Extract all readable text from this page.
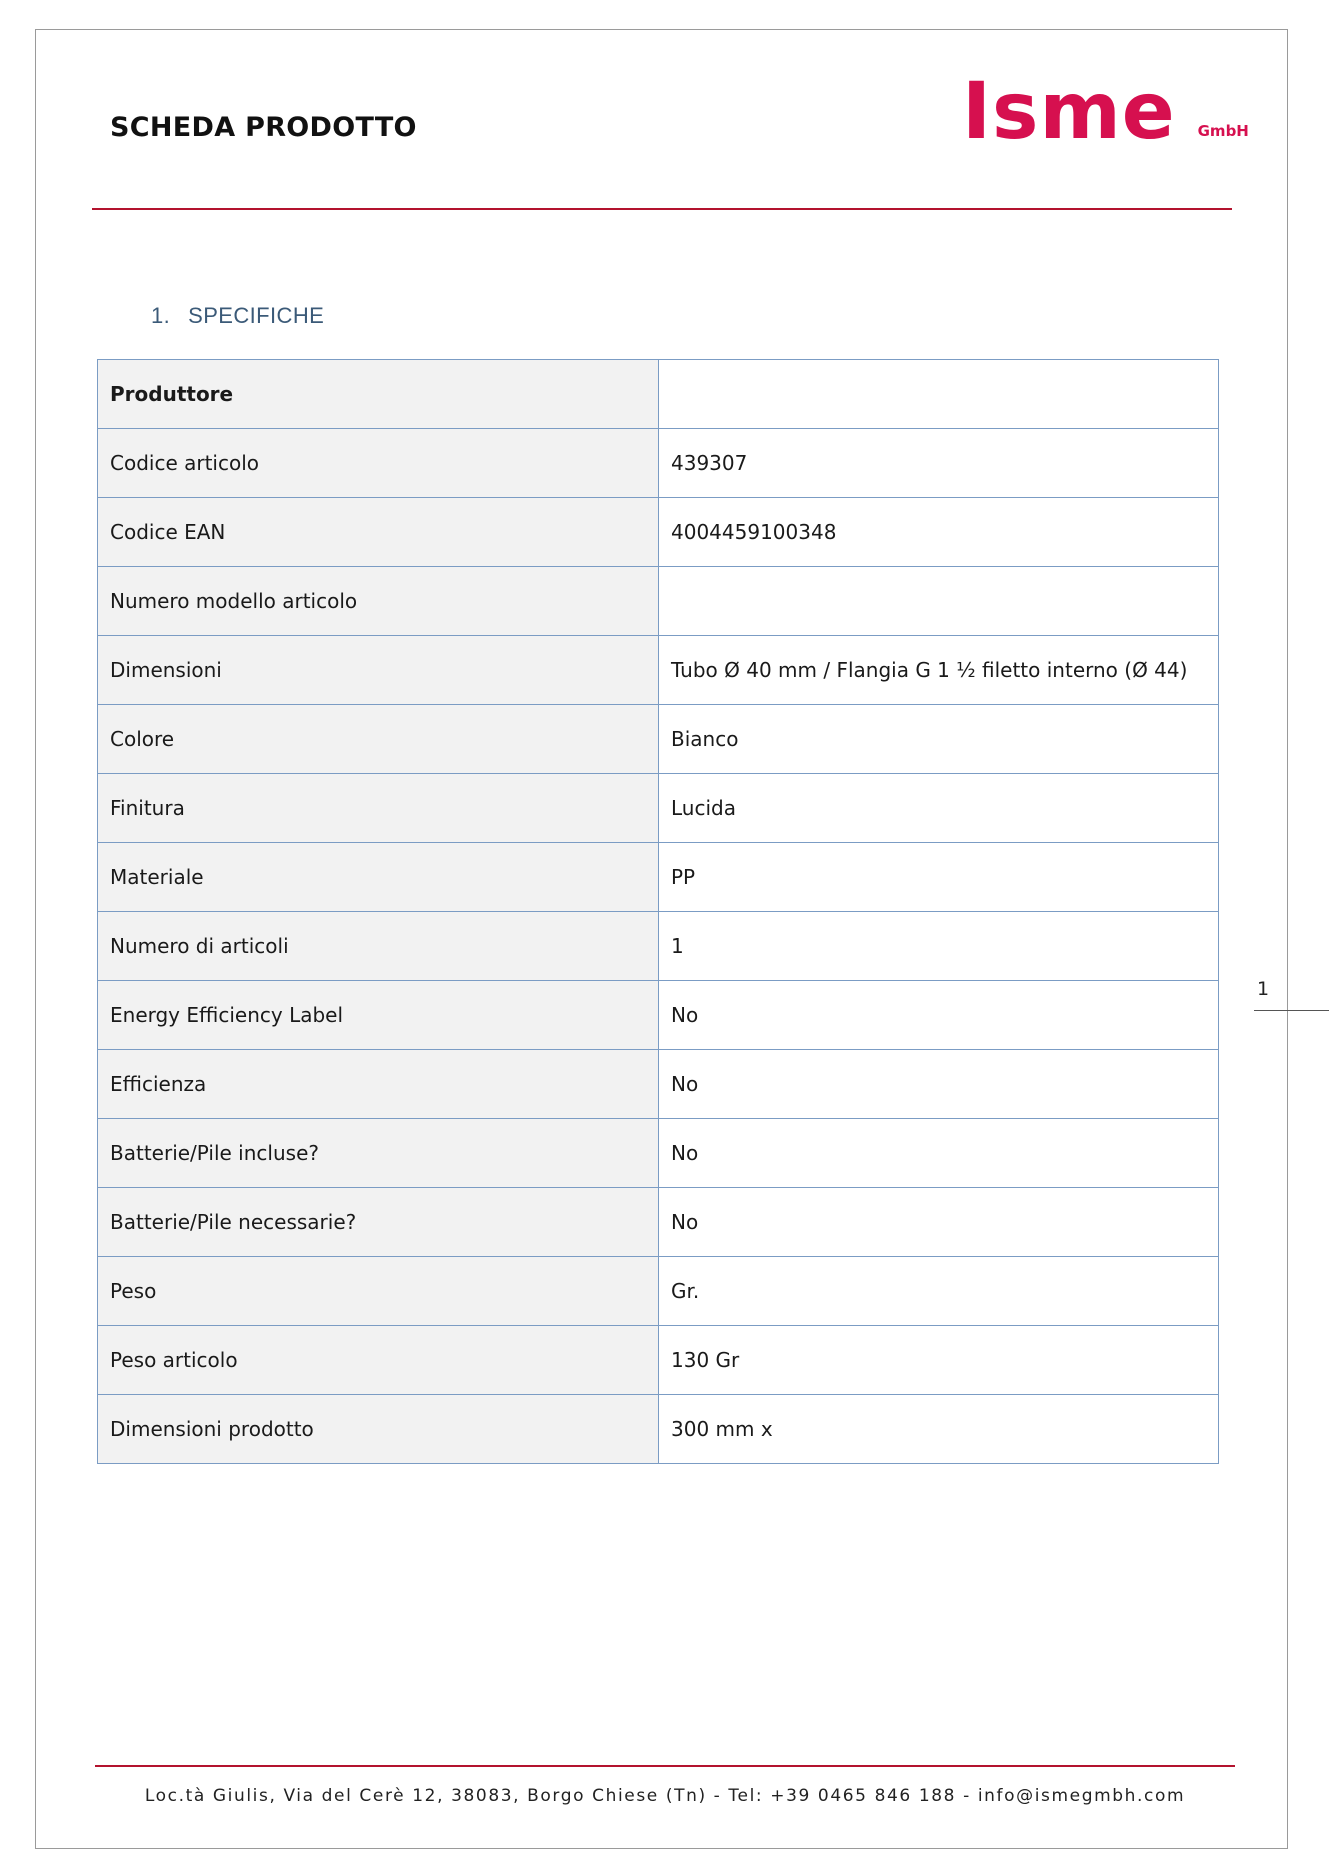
SCHEDA PRODOTTO	Isme GmbH
1. SPECIFICHE
Produttore	
Codice articolo	439307
Codice EAN	4004459100348
Numero modello articolo	
Dimensioni	Tubo Ø 40 mm / Flangia G 1 ½ filetto interno (Ø 44)
Colore	Bianco
Finitura	Lucida
Materiale	PP
Numero di articoli	1
Energy Efficiency Label	No
Efficienza	No
Batterie/Pile incluse?	No
Batterie/Pile necessarie?	No
Peso	Gr.
Peso articolo	130 Gr
Dimensioni prodotto	300 mm x
1
Loc.tà Giulis, Via del Cerè 12, 38083, Borgo Chiese (Tn) - Tel: +39 0465 846 188 - info@ismegmbh.com
